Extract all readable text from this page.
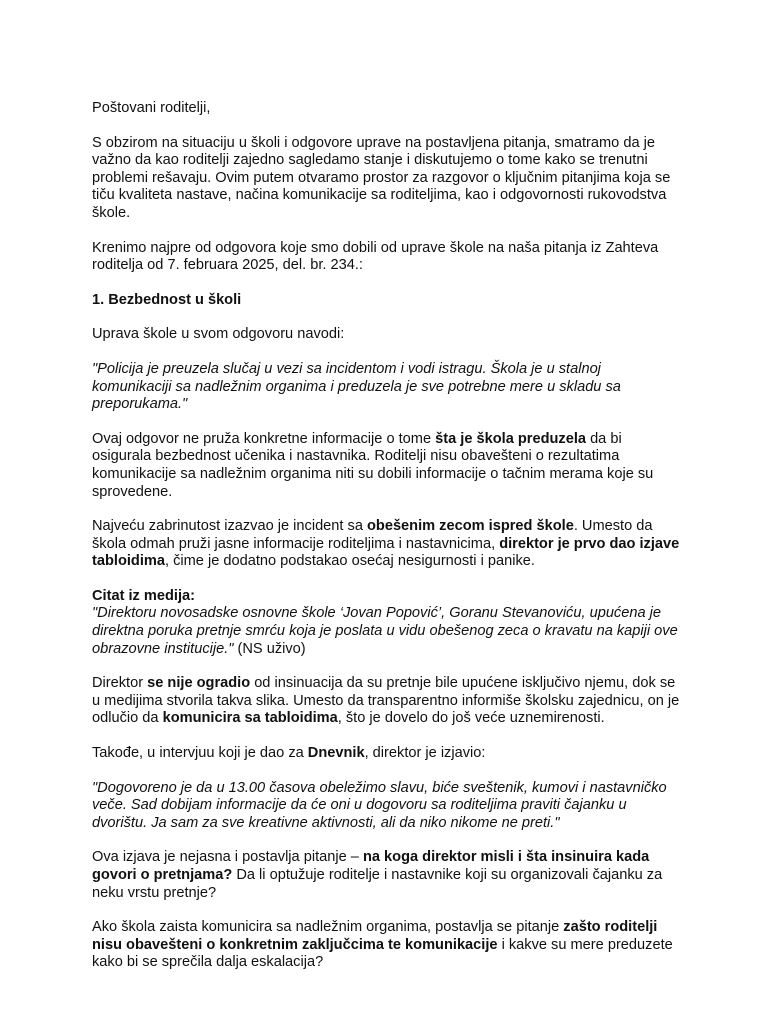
Poštovani roditelji,

S obzirom na situaciju u školi i odgovore uprave na postavljena pitanja, smatramo da je važno da kao roditelji zajedno sagledamo stanje i diskutujemo o tome kako se trenutni problemi rešavaju. Ovim putem otvaramo prostor za razgovor o ključnim pitanjima koja se tiču kvaliteta nastave, načina komunikacije sa roditeljima, kao i odgovornosti rukovodstva škole.

Krenimo najpre od odgovora koje smo dobili od uprave škole na naša pitanja iz Zahteva roditelja od 7. februara 2025, del. br. 234.:

1. Bezbednost u školi

Uprava škole u svom odgovoru navodi:

"Policija je preuzela slučaj u vezi sa incidentom i vodi istragu. Škola je u stalnoj komunikaciji sa nadležnim organima i preduzela je sve potrebne mere u skladu sa preporukama."

Ovaj odgovor ne pruža konkretne informacije o tome šta je škola preduzela da bi osigurala bezbednost učenika i nastavnika. Roditelji nisu obavešteni o rezultatima komunikacije sa nadležnim organima niti su dobili informacije o tačnim merama koje su sprovedene.

Najveću zabrinutost izazvao je incident sa obešenim zecom ispred škole. Umesto da škola odmah pruži jasne informacije roditeljima i nastavnicima, direktor je prvo dao izjave tabloidima, čime je dodatno podstakao osećaj nesigurnosti i panike.

Citat iz medija:

"Direktoru novosadske osnovne škole ‘Jovan Popović’, Goranu Stevanoviću, upućena je direktna poruka pretnje smrću koja je poslata u vidu obešenog zeca o kravatu na kapiji ove obrazovne institucije." (NS uživo)

Direktor se nije ogradio od insinuacija da su pretnje bile upućene isključivo njemu, dok se u medijima stvorila takva slika. Umesto da transparentno informiše školsku zajednicu, on je odlučio da komunicira sa tabloidima, što je dovelo do još veće uznemirenosti.

Takođe, u intervjuu koji je dao za Dnevnik, direktor je izjavio:

"Dogovoreno je da u 13.00 časova obeležimo slavu, biće sveštenik, kumovi i nastavničko veče. Sad dobijam informacije da će oni u dogovoru sa roditeljima praviti čajanku u dvorištu. Ja sam za sve kreativne aktivnosti, ali da niko nikome ne preti."

Ova izjava je nejasna i postavlja pitanje – na koga direktor misli i šta insinuira kada govori o pretnjama? Da li optužuje roditelje i nastavnike koji su organizovali čajanku za neku vrstu pretnje?

Ako škola zaista komunicira sa nadležnim organima, postavlja se pitanje zašto roditelji nisu obavešteni o konkretnim zaključcima te komunikacije i kakve su mere preduzete kako bi se sprečila dalja eskalacija?
